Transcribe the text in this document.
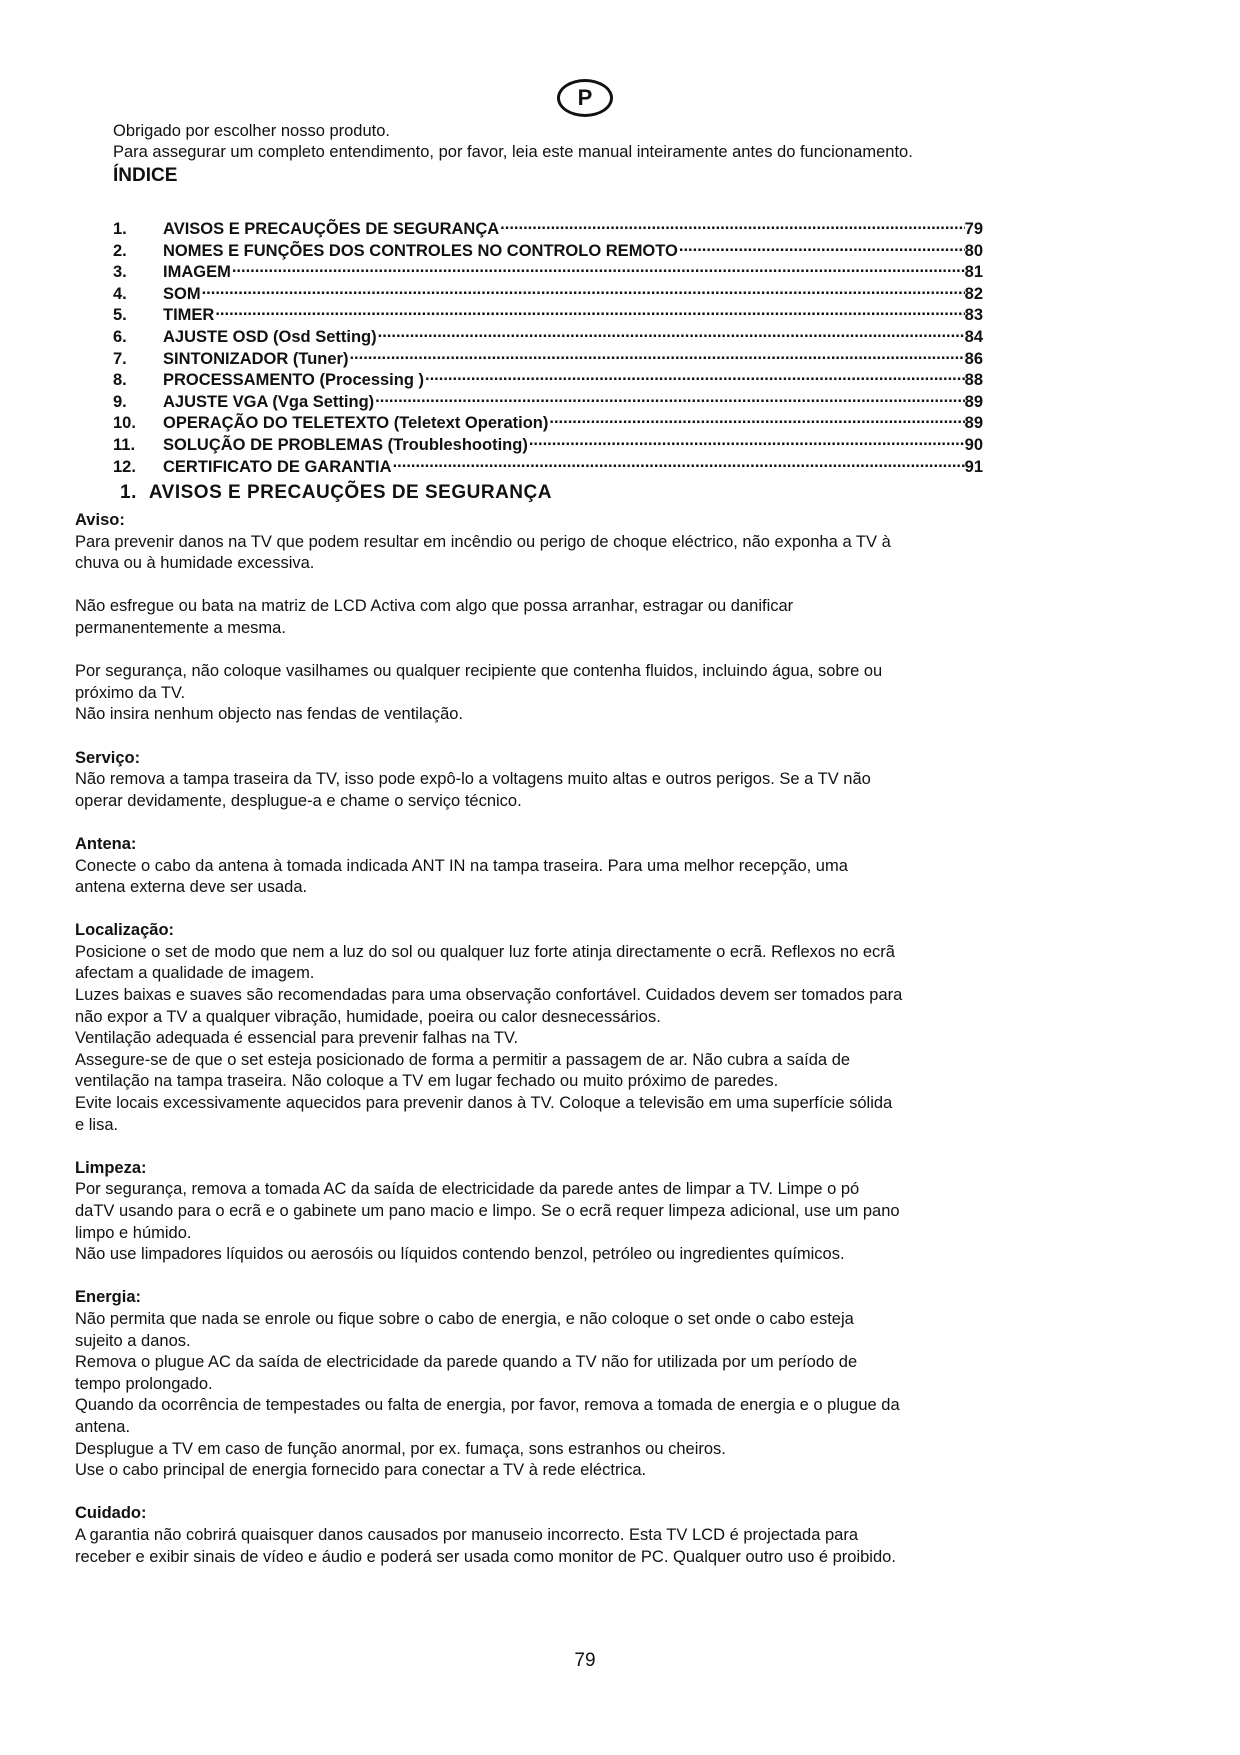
P

Obrigado por escolher nosso produto.

Para assegurar um completo entendimento, por favor, leia este manual inteiramente antes do funcionamento.

ÍNDICE
1.	AVISOS E PRECAUÇÕES DE SEGURANÇA .....	79
2.	NOMES E FUNÇÕES DOS CONTROLES NO CONTROLO REMOTO .....	80
3.	IMAGEM .....	81
4.	SOM .....	82
5.	TIMER .....	83
6.	AJUSTE OSD (Osd Setting) .....	84
7.	SINTONIZADOR (Tuner) .....	86
8.	PROCESSAMENTO (Processing ) .....	88
9.	AJUSTE VGA (Vga Setting) .....	89
10.	OPERAÇÃO DO TELETEXTO (Teletext Operation) .....	89
11.	SOLUÇÃO DE PROBLEMAS (Troubleshooting) .....	90
12.	CERTIFICATO DE GARANTIA .....	91
1. AVISOS E PRECAUÇÕES DE SEGURANÇA
Aviso:

Para prevenir danos na TV que podem resultar em incêndio ou perigo de choque eléctrico, não exponha a TV à

chuva ou à humidade excessiva.

Não esfregue ou bata na matriz de LCD Activa com algo que possa arranhar, estragar ou danificar

permanentemente a mesma.

Por segurança, não coloque vasilhames ou qualquer recipiente que contenha fluidos, incluindo água, sobre ou

próximo da TV.

Não insira nenhum objecto nas fendas de ventilação.

Serviço:

Não remova a tampa traseira da TV, isso pode expô-lo a voltagens muito altas e outros perigos. Se a TV não

operar devidamente, desplugue-a e chame o serviço técnico.

Antena:

Conecte o cabo da antena à tomada indicada ANT IN na tampa traseira. Para uma melhor recepção, uma

antena externa deve ser usada.

Localização:

Posicione o set de modo que nem a luz do sol ou qualquer luz forte atinja directamente o ecrã. Reflexos no ecrã

afectam a qualidade de imagem.

Luzes baixas e suaves são recomendadas para uma observação confortável. Cuidados devem ser tomados para

não expor a TV a qualquer vibração, humidade, poeira ou calor desnecessários.

Ventilação adequada é essencial para prevenir falhas na TV.

Assegure-se de que o set esteja posicionado de forma a permitir a passagem de ar. Não cubra a saída de

ventilação na tampa traseira. Não coloque a TV em lugar fechado ou muito próximo de paredes.

Evite locais excessivamente aquecidos para prevenir danos à TV. Coloque a televisão em uma superfície sólida

e lisa.

Limpeza:

Por segurança, remova a tomada AC da saída de electricidade da parede antes de limpar a TV. Limpe o pó

daTV usando para o ecrã e o gabinete um pano macio e limpo. Se o ecrã requer limpeza adicional, use um pano

limpo e húmido.

Não use limpadores líquidos ou aerosóis ou líquidos contendo benzol, petróleo ou ingredientes químicos.

Energia:

Não permita que nada se enrole ou fique sobre o cabo de energia, e não coloque o set onde o cabo esteja

sujeito a danos.

Remova o plugue AC da saída de electricidade da parede quando a TV não for utilizada por um período de

tempo prolongado.

Quando da ocorrência de tempestades ou falta de energia, por favor, remova a tomada de energia e o plugue da

antena.

Desplugue a TV em caso de função anormal, por ex. fumaça, sons estranhos ou cheiros.

Use o cabo principal de energia fornecido para conectar a TV à rede eléctrica.

Cuidado:

A garantia não cobrirá quaisquer danos causados por manuseio incorrecto. Esta TV LCD é projectada para

receber e exibir sinais de vídeo e áudio e poderá ser usada como monitor de PC. Qualquer outro uso é proibido.

79
